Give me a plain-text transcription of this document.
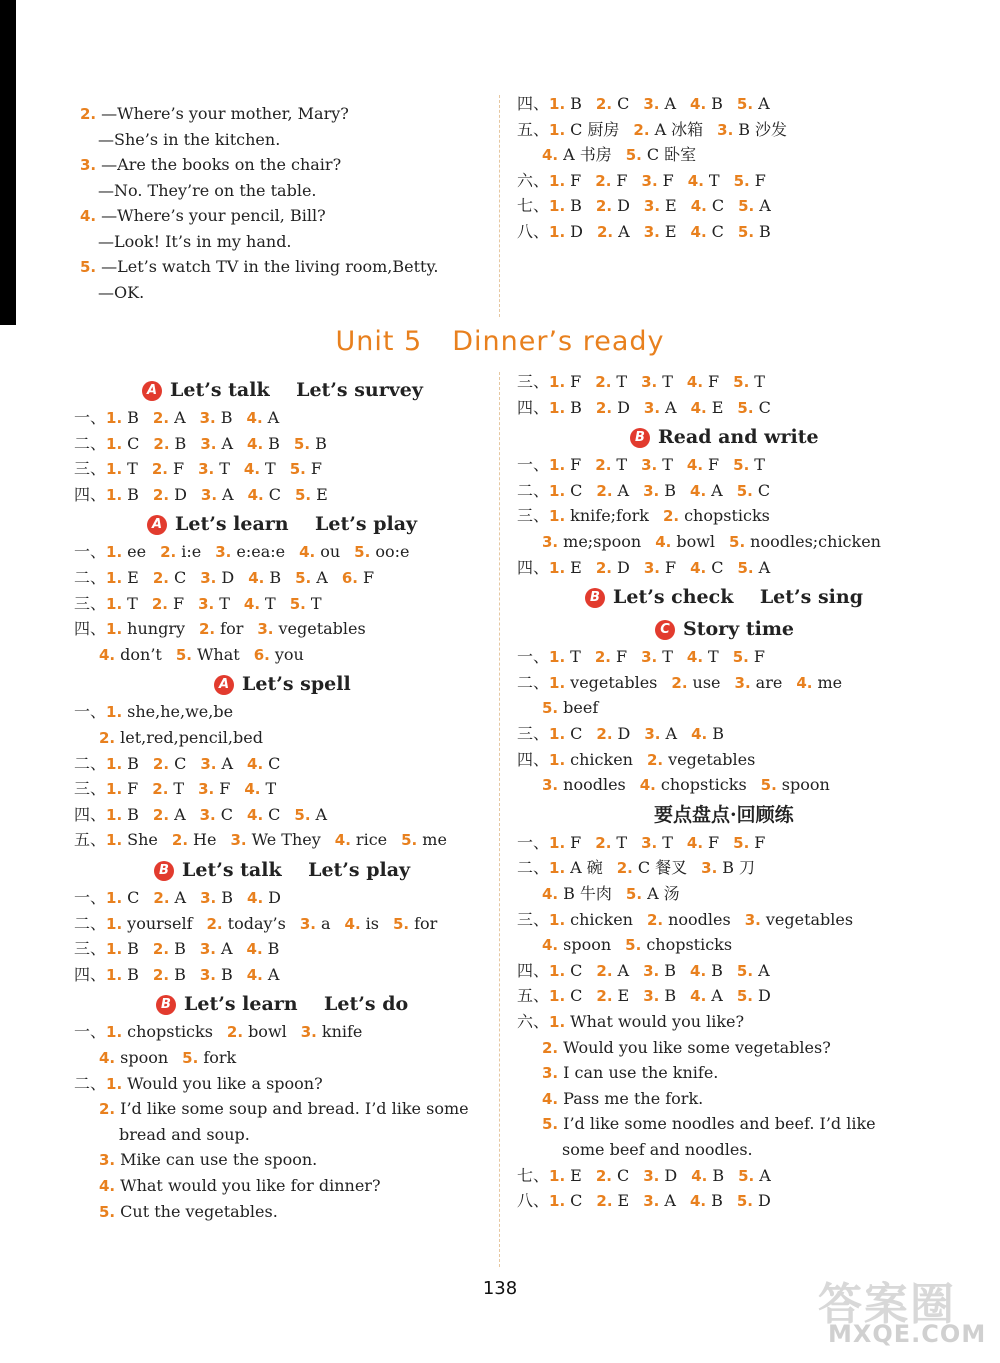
Unit 5 Dinner’s ready
138	答案圈
MXQE.COM
2. —Where’s your mother, Mary?
—She’s in the kitchen.
3. —Are the books on the chair?
—No. They’re on the table.
4. —Where’s your pencil, Bill?
—Look! It’s in my hand.
5. —Let’s watch TV in the living room,Betty.
—OK.
四、1. B 2. C 3. A 4. B 5. A
五、1. C 厨房 2. A 冰箱 3. B 沙发
4. A 书房 5. C 卧室
六、1. F 2. F 3. F 4. T 5. F
七、1. B 2. D 3. E 4. C 5. A
八、1. D 2. A 3. E 4. C 5. B
A Let’s talk    Let’s survey
一、1. B 2. A 3. B 4. A
二、1. C 2. B 3. A 4. B 5. B
三、1. T 2. F 3. T 4. T 5. F
四、1. B 2. D 3. A 4. C 5. E
A Let’s learn    Let’s play
一、1. ee 2. i:e 3. e:ea:e 4. ou 5. oo:e
二、1. E 2. C 3. D 4. B 5. A 6. F
三、1. T 2. F 3. T 4. T 5. T
四、1. hungry 2. for 3. vegetables
4. don’t 5. What 6. you
A Let’s spell
一、1. she,he,we,be
2. let,red,pencil,bed
二、1. B 2. C 3. A 4. C
三、1. F 2. T 3. F 4. T
四、1. B 2. A 3. C 4. C 5. A
五、1. She 2. He 3. We They 4. rice 5. me
B Let’s talk    Let’s play
一、1. C 2. A 3. B 4. D
二、1. yourself 2. today’s 3. a 4. is 5. for
三、1. B 2. B 3. A 4. B
四、1. B 2. B 3. B 4. A
B Let’s learn    Let’s do
一、1. chopsticks 2. bowl 3. knife
4. spoon 5. fork
二、1. Would you like a spoon?
2. I’d like some soup and bread. I’d like some
bread and soup.
3. Mike can use the spoon.
4. What would you like for dinner?
5. Cut the vegetables.
三、1. F 2. T 3. T 4. F 5. T
四、1. B 2. D 3. A 4. E 5. C
B Read and write
一、1. F 2. T 3. T 4. F 5. T
二、1. C 2. A 3. B 4. A 5. C
三、1. knife;fork 2. chopsticks
3. me;spoon 4. bowl 5. noodles;chicken
四、1. E 2. D 3. F 4. C 5. A
B Let’s check    Let’s sing
C Story time
一、1. T 2. F 3. T 4. T 5. F
二、1. vegetables 2. use 3. are 4. me
5. beef
三、1. C 2. D 3. A 4. B
四、1. chicken 2. vegetables
3. noodles 4. chopsticks 5. spoon
要点盘点·回顾练
一、1. F 2. T 3. T 4. F 5. F
二、1. A 碗 2. C 餐叉 3. B 刀
4. B 牛肉 5. A 汤
三、1. chicken 2. noodles 3. vegetables
4. spoon 5. chopsticks
四、1. C 2. A 3. B 4. B 5. A
五、1. C 2. E 3. B 4. A 5. D
六、1. What would you like?
2. Would you like some vegetables?
3. I can use the knife.
4. Pass me the fork.
5. I’d like some noodles and beef. I’d like
some beef and noodles.
七、1. E 2. C 3. D 4. B 5. A
八、1. C 2. E 3. A 4. B 5. D
